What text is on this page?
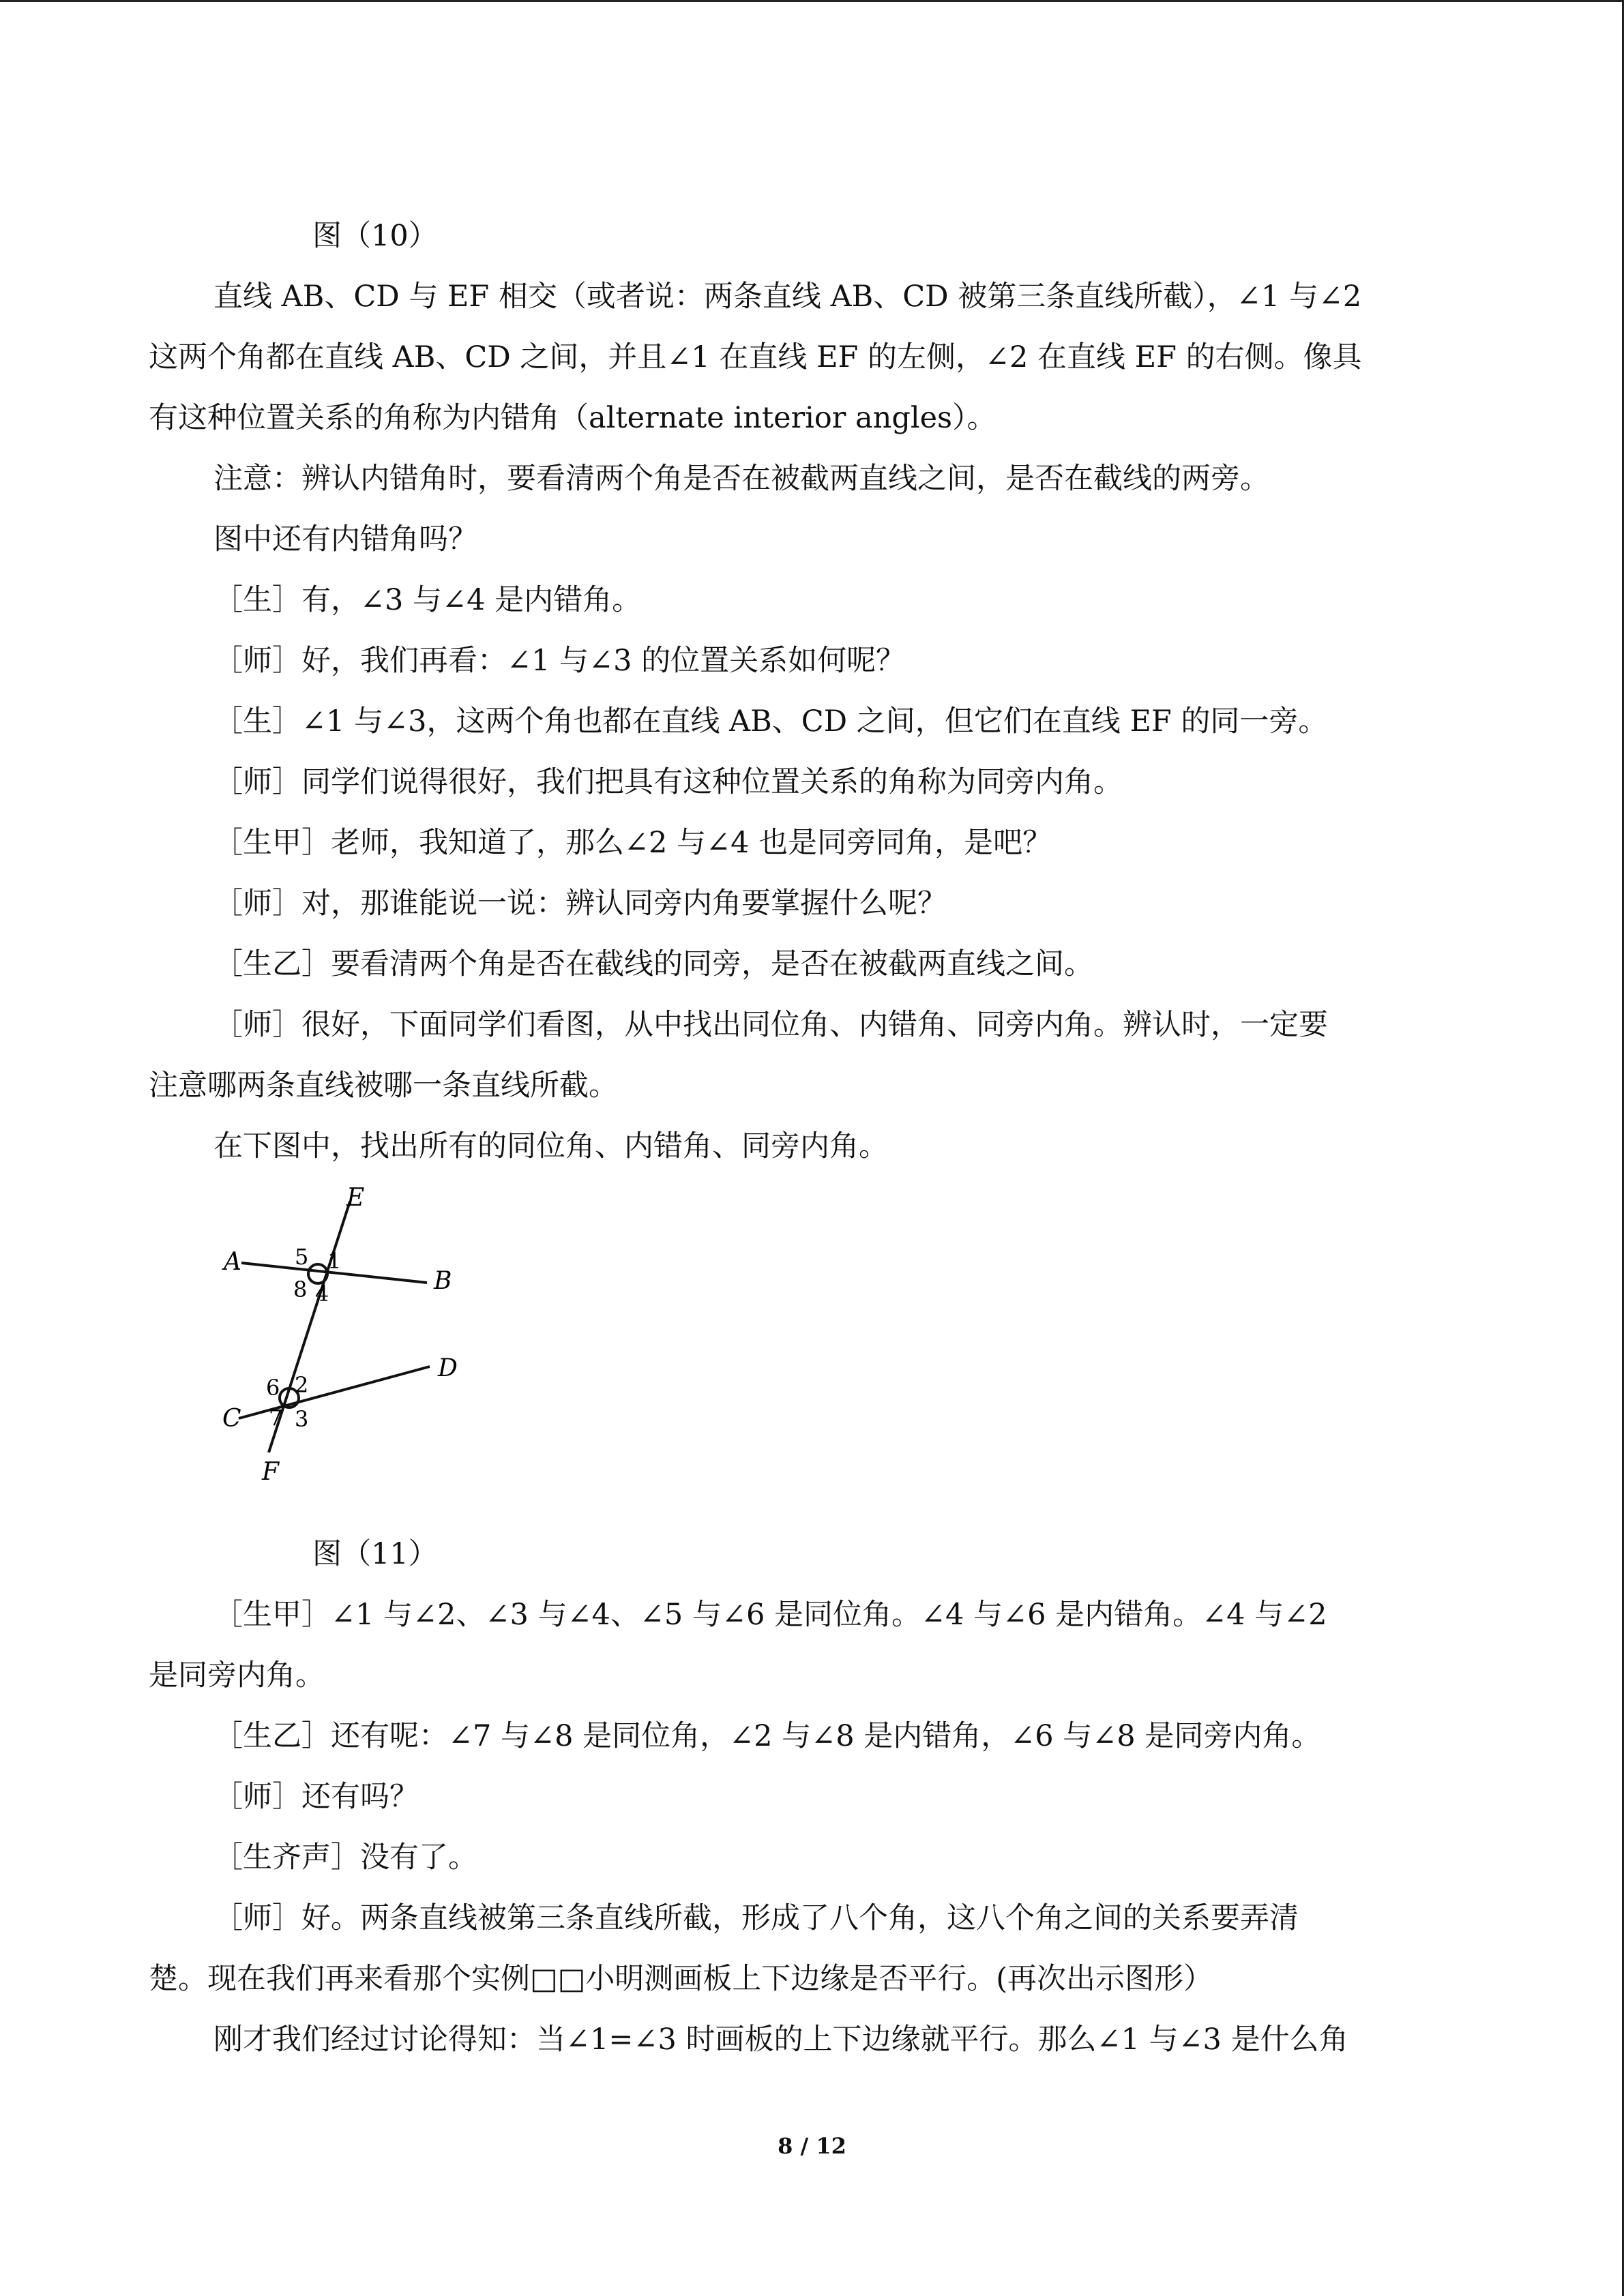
图（10）
直线 AB、CD 与 EF 相交（或者说：两条直线 AB、CD 被第三条直线所截），∠1 与∠2
这两个角都在直线 AB、CD 之间，并且∠1 在直线 EF 的左侧，∠2 在直线 EF 的右侧。像具
有这种位置关系的角称为内错角（alternate interior angles）。
注意：辨认内错角时，要看清两个角是否在被截两直线之间，是否在截线的两旁。
图中还有内错角吗？
［生］有，∠3 与∠4 是内错角。
［师］好，我们再看：∠1 与∠3 的位置关系如何呢？
［生］∠1 与∠3，这两个角也都在直线 AB、CD 之间，但它们在直线 EF 的同一旁。
［师］同学们说得很好，我们把具有这种位置关系的角称为同旁内角。
［生甲］老师，我知道了，那么∠2 与∠4 也是同旁同角，是吧？
［师］对，那谁能说一说：辨认同旁内角要掌握什么呢？
［生乙］要看清两个角是否在截线的同旁，是否在被截两直线之间。
［师］很好，下面同学们看图，从中找出同位角、内错角、同旁内角。辨认时，一定要
注意哪两条直线被哪一条直线所截。
在下图中，找出所有的同位角、内错角、同旁内角。
A
B
C
D
E
F
1
2
3
4
5
6
7
8
图（11）
［生甲］∠1 与∠2、∠3 与∠4、∠5 与∠6 是同位角。∠4 与∠6 是内错角。∠4 与∠2
是同旁内角。
［生乙］还有呢：∠7 与∠8 是同位角，∠2 与∠8 是内错角，∠6 与∠8 是同旁内角。
［师］还有吗？
［生齐声］没有了。
［师］好。两条直线被第三条直线所截，形成了八个角，这八个角之间的关系要弄清
楚。现在我们再来看那个实例□□小明测画板上下边缘是否平行。(再次出示图形）
刚才我们经过讨论得知：当∠1=∠3 时画板的上下边缘就平行。那么∠1 与∠3 是什么角
8 / 12
